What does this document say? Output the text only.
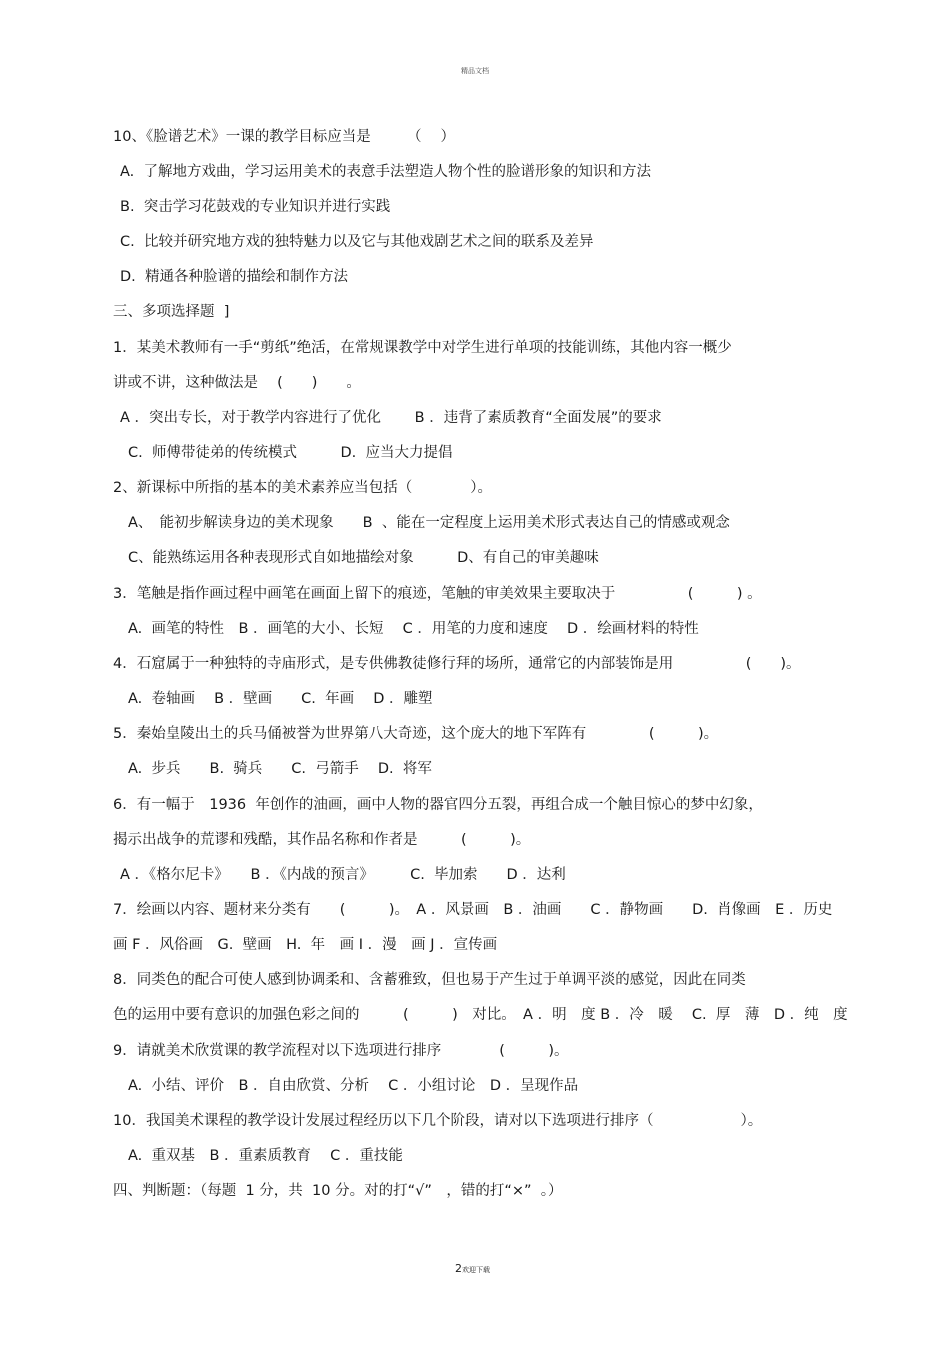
精品文档
10、《脸谱艺术》一课的教学目标应当是　　　（　 ）
A.  了解地方戏曲，学习运用美术的表意手法塑造人物个性的脸谱形象的知识和方法
B.  突击学习花鼓戏的专业知识并进行实践
C.  比较并研究地方戏的独特魅力以及它与其他戏剧艺术之间的联系及差异
D.  精通各种脸谱的描绘和制作方法
三、多项选择题  ]
1．某美术教师有一手“剪纸”绝活，在常规课教学中对学生进行单项的技能训练，其他内容一概少
讲或不讲，这种做法是　 (　　)　　。
A ．突出专长，对于教学内容进行了优化　　 B ．违背了素质教育“全面发展”的要求
C.  师傅带徒弟的传统模式　　　D.  应当大力提倡
2、新课标中所指的基本的美术素养应当包括（　　　　）。
A、　能初步解读身边的美术现象　　B  、能在一定程度上运用美术形式表达自己的情感或观念
C、能熟练运用各种表现形式自如地描绘对象　　　D、有自己的审美趣味
3．笔触是指作画过程中画笔在画面上留下的痕迹，笔触的审美效果主要取决于　　　　　(　　　) 。
A.  画笔的特性　B ．画笔的大小、长短　 C ．用笔的力度和速度　 D ．绘画材料的特性
4．石窟属于一种独特的寺庙形式，是专供佛教徒修行拜的场所，通常它的内部装饰是用　　　　　(　　)。
A.  卷轴画　 B ．壁画　　C.  年画　 D ．雕塑
5．秦始皇陵出土的兵马俑被誉为世界第八大奇迹，这个庞大的地下军阵有　　　　 (　　　)。
A.  步兵　　B.  骑兵　　C.  弓箭手　 D.  将军
6．有一幅于　1936  年创作的油画，画中人物的器官四分五裂，再组合成一个触目惊心的梦中幻象，
揭示出战争的荒谬和残酷，其作品名称和作者是　　　(　　　)。
A ．《格尔尼卡》　　B ．《内战的预言》　　　C.  毕加索　　D ．达利
7．绘画以内容、题材来分类有　　(　　　)。　A ．风景画　B ．油画　　C ．静物画　　D.  肖像画　E ．历史
画 F ．风俗画　G.  壁画　H.  年　画 I ．漫　画 J ．宣传画
8．同类色的配合可使人感到协调柔和、含蓄雅致，但也易于产生过于单调平淡的感觉，因此在同类
色的运用中要有意识的加强色彩之间的　　　(　　　)　对比。　A ．明　度 B ．冷　暖　 C.  厚　薄　D ．纯　度
9．请就美术欣赏课的教学流程对以下选项进行排序　　　　(　　　)。
A.  小结、评价　B ．自由欣赏、分析　 C ．小组讨论　D ．呈现作品
10．我国美术课程的教学设计发展过程经历以下几个阶段，请对以下选项进行排序（　　　　　　）。
A.  重双基　B ．重素质教育　 C ．重技能
四、判断题：（每题  1 分，共  10 分。对的打“√”　，错的打“×”  。）
2欢迎下载
